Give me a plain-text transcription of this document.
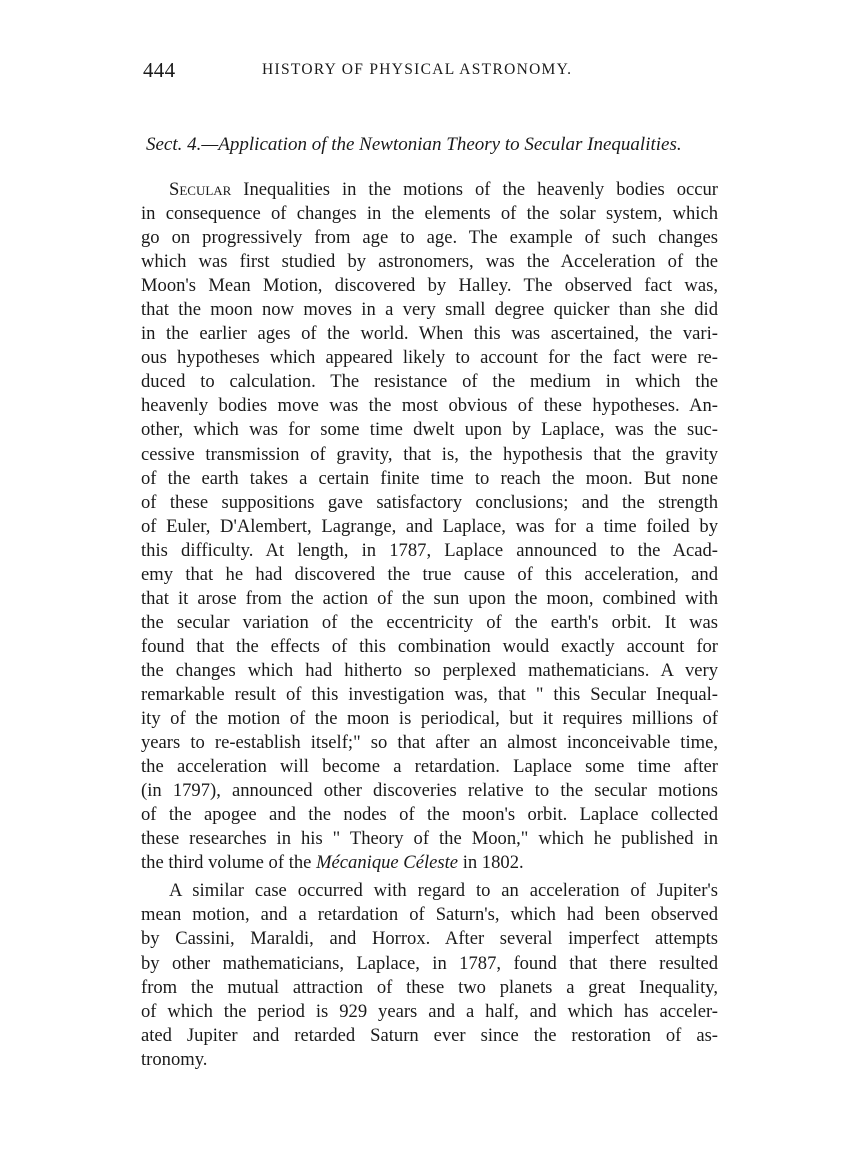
444	HISTORY OF PHYSICAL ASTRONOMY.
Sect. 4.—Application of the Newtonian Theory to Secular Inequalities.
Secular Inequalities in the motions of the heavenly bodies occur
in consequence of changes in the elements of the solar system, which
go on progressively from age to age. The example of such changes
which was first studied by astronomers, was the Acceleration of the
Moon's Mean Motion, discovered by Halley. The observed fact was,
that the moon now moves in a very small degree quicker than she did
in the earlier ages of the world. When this was ascertained, the vari-
ous hypotheses which appeared likely to account for the fact were re-
duced to calculation. The resistance of the medium in which the
heavenly bodies move was the most obvious of these hypotheses. An-
other, which was for some time dwelt upon by Laplace, was the suc-
cessive transmission of gravity, that is, the hypothesis that the gravity
of the earth takes a certain finite time to reach the moon. But none
of these suppositions gave satisfactory conclusions; and the strength
of Euler, D'Alembert, Lagrange, and Laplace, was for a time foiled by
this difficulty. At length, in 1787, Laplace announced to the Acad-
emy that he had discovered the true cause of this acceleration, and
that it arose from the action of the sun upon the moon, combined with
the secular variation of the eccentricity of the earth's orbit. It was
found that the effects of this combination would exactly account for
the changes which had hitherto so perplexed mathematicians. A very
remarkable result of this investigation was, that " this Secular Inequal-
ity of the motion of the moon is periodical, but it requires millions of
years to re-establish itself;" so that after an almost inconceivable time,
the acceleration will become a retardation. Laplace some time after
(in 1797), announced other discoveries relative to the secular motions
of the apogee and the nodes of the moon's orbit. Laplace collected
these researches in his " Theory of the Moon," which he published in
the third volume of the Mécanique Céleste in 1802.
A similar case occurred with regard to an acceleration of Jupiter's
mean motion, and a retardation of Saturn's, which had been observed
by Cassini, Maraldi, and Horrox. After several imperfect attempts
by other mathematicians, Laplace, in 1787, found that there resulted
from the mutual attraction of these two planets a great Inequality,
of which the period is 929 years and a half, and which has acceler-
ated Jupiter and retarded Saturn ever since the restoration of as-
tronomy.
